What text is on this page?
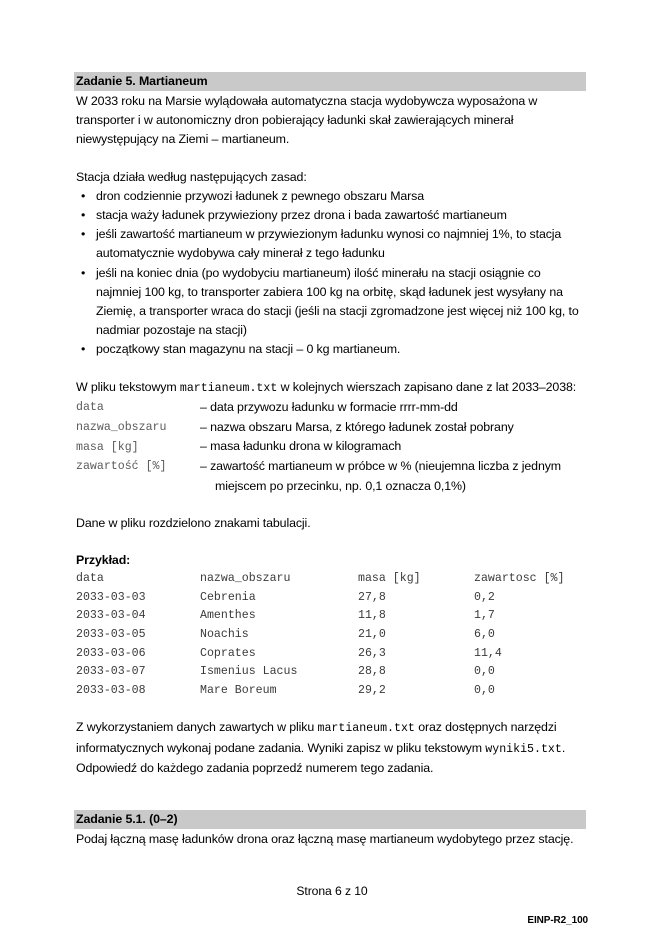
Zadanie 5. Martianeum

W 2033 roku na Marsie wylądowała automatyczna stacja wydobywcza wyposażona w transporter i w autonomiczny dron pobierający ładunki skał zawierających minerał niewystępujący na Ziemi – martianeum.

Stacja działa według następujących zasad:

• dron codziennie przywozi ładunek z pewnego obszaru Marsa
• stacja waży ładunek przywieziony przez drona i bada zawartość martianeum
• jeśli zawartość martianeum w przywiezionym ładunku wynosi co najmniej 1%, to stacja automatycznie wydobywa cały minerał z tego ładunku
• jeśli na koniec dnia (po wydobyciu martianeum) ilość minerału na stacji osiągnie co najmniej 100 kg, to transporter zabiera 100 kg na orbitę, skąd ładunek jest wysyłany na Ziemię, a transporter wraca do stacji (jeśli na stacji zgromadzone jest więcej niż 100 kg, to nadmiar pozostaje na stacji)
• początkowy stan magazynu na stacji – 0 kg martianeum.

W pliku tekstowym martianeum.txt w kolejnych wierszach zapisano dane z lat 2033–2038:

data	– data przywozu ładunku w formacie rrrr-mm-dd
nazwa_obszaru	– nazwa obszaru Marsa, z którego ładunek został pobrany
masa [kg]	– masa ładunku drona w kilogramach
zawartość [%]	– zawartość martianeum w próbce w % (nieujemna liczba z jednym
miejscem po przecinku, np. 0,1 oznacza 0,1%)

Dane w pliku rozdzielono znakami tabulacji.

Przykład:

data	nazwa_obszaru	masa [kg]	zawartosc [%]
2033-03-03	Cebrenia	27,8	0,2
2033-03-04	Amenthes	11,8	1,7
2033-03-05	Noachis	21,0	6,0
2033-03-06	Coprates	26,3	11,4
2033-03-07	Ismenius Lacus	28,8	0,0
2033-03-08	Mare Boreum	29,2	0,0

Z wykorzystaniem danych zawartych w pliku martianeum.txt oraz dostępnych narzędzi informatycznych wykonaj podane zadania. Wyniki zapisz w pliku tekstowym wyniki5.txt.

Odpowiedź do każdego zadania poprzedź numerem tego zadania.

Zadanie 5.1. (0–2)

Podaj łączną masę ładunków drona oraz łączną masę martianeum wydobytego przez stację.

Strona 6 z 10
EINP-R2_100
